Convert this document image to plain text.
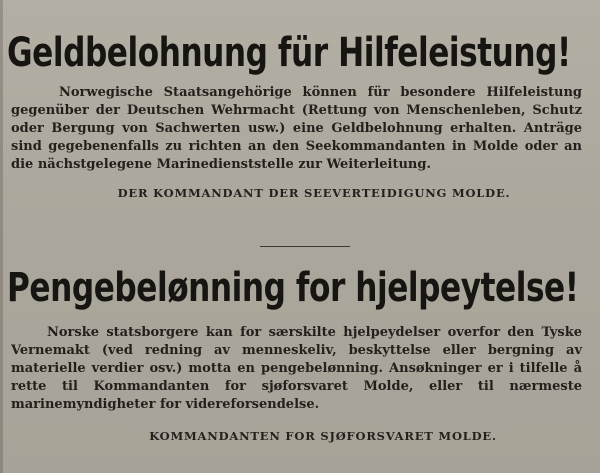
Geldbelohnung für Hilfeleistung!

Norwegische Staatsangehörige können für besondere Hilfeleistung gegenüber der Deutschen Wehrmacht (Rettung von Menschenleben, Schutz oder Bergung von Sachwerten usw.) eine Geldbelohnung erhalten. Anträge sind gegebenenfalls zu richten an den Seekommandanten in Molde oder an die nächstgelegene Marinedienststelle zur Weiterleitung.

DER KOMMANDANT DER SEEVERTEIDIGUNG MOLDE.

Pengebelønning for hjelpeytelse!

Norske statsborgere kan for særskilte hjelpeydelser overfor den Tyske Vernemakt (ved redning av menneskeliv, beskyttelse eller bergning av materielle verdier osv.) motta en pengebelønning. Ansøkninger er i tilfelle å rette til Kommandanten for sjøforsvaret Molde, eller til nærmeste marinemyndigheter for videreforsendelse.

KOMMANDANTEN FOR SJØFORSVARET MOLDE.
